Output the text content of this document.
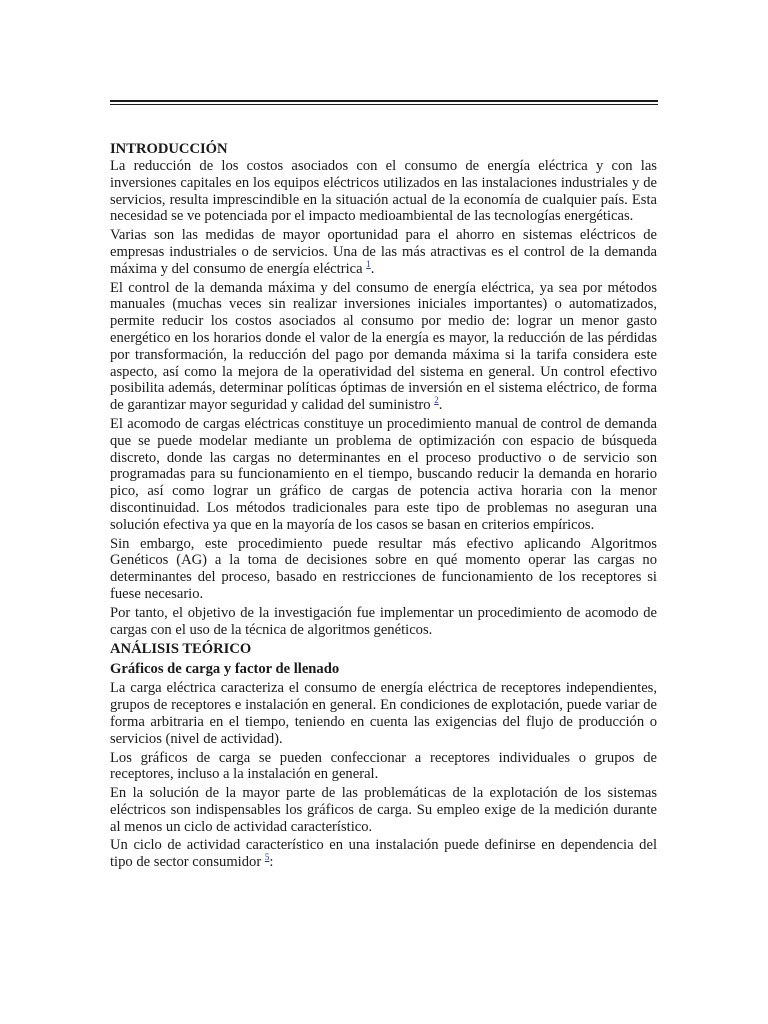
INTRODUCCIÓN

La reducción de los costos asociados con el consumo de energía eléctrica y con las inversiones capitales en los equipos eléctricos utilizados en las instalaciones industriales y de servicios, resulta imprescindible en la situación actual de la economía de cualquier país. Esta necesidad se ve potenciada por el impacto medioambiental de las tecnologías energéticas.

Varias son las medidas de mayor oportunidad para el ahorro en sistemas eléctricos de empresas industriales o de servicios. Una de las más atractivas es el control de la demanda máxima y del consumo de energía eléctrica $^1$.

El control de la demanda máxima y del consumo de energía eléctrica, ya sea por métodos manuales (muchas veces sin realizar inversiones iniciales importantes) o automatizados, permite reducir los costos asociados al consumo por medio de: lograr un menor gasto energético en los horarios donde el valor de la energía es mayor, la reducción de las pérdidas por transformación, la reducción del pago por demanda máxima si la tarifa considera este aspecto, así como la mejora de la operatividad del sistema en general. Un control efectivo posibilita además, determinar políticas óptimas de inversión en el sistema eléctrico, de forma de garantizar mayor seguridad y calidad del suministro $^2$.

El acomodo de cargas eléctricas constituye un procedimiento manual de control de demanda que se puede modelar mediante un problema de optimización con espacio de búsqueda discreto, donde las cargas no determinantes en el proceso productivo o de servicio son programadas para su funcionamiento en el tiempo, buscando reducir la demanda en horario pico, así como lograr un gráfico de cargas de potencia activa horaria con la menor discontinuidad. Los métodos tradicionales para este tipo de problemas no aseguran una solución efectiva ya que en la mayoría de los casos se basan en criterios empíricos.

Sin embargo, este procedimiento puede resultar más efectivo aplicando Algoritmos Genéticos (AG) a la toma de decisiones sobre en qué momento operar las cargas no determinantes del proceso, basado en restricciones de funcionamiento de los receptores si fuese necesario.

Por tanto, el objetivo de la investigación fue implementar un procedimiento de acomodo de cargas con el uso de la técnica de algoritmos genéticos.

ANÁLISIS TEÓRICO
Gráficos de carga y factor de llenado

La carga eléctrica caracteriza el consumo de energía eléctrica de receptores independientes, grupos de receptores e instalación en general. En condiciones de explotación, puede variar de forma arbitraria en el tiempo, teniendo en cuenta las exigencias del flujo de producción o servicios (nivel de actividad).

Los gráficos de carga se pueden confeccionar a receptores individuales o grupos de receptores, incluso a la instalación en general.

En la solución de la mayor parte de las problemáticas de la explotación de los sistemas eléctricos son indispensables los gráficos de carga. Su empleo exige de la medición durante al menos un ciclo de actividad característico.

Un ciclo de actividad característico en una instalación puede definirse en dependencia del tipo de sector consumidor $^5$:
